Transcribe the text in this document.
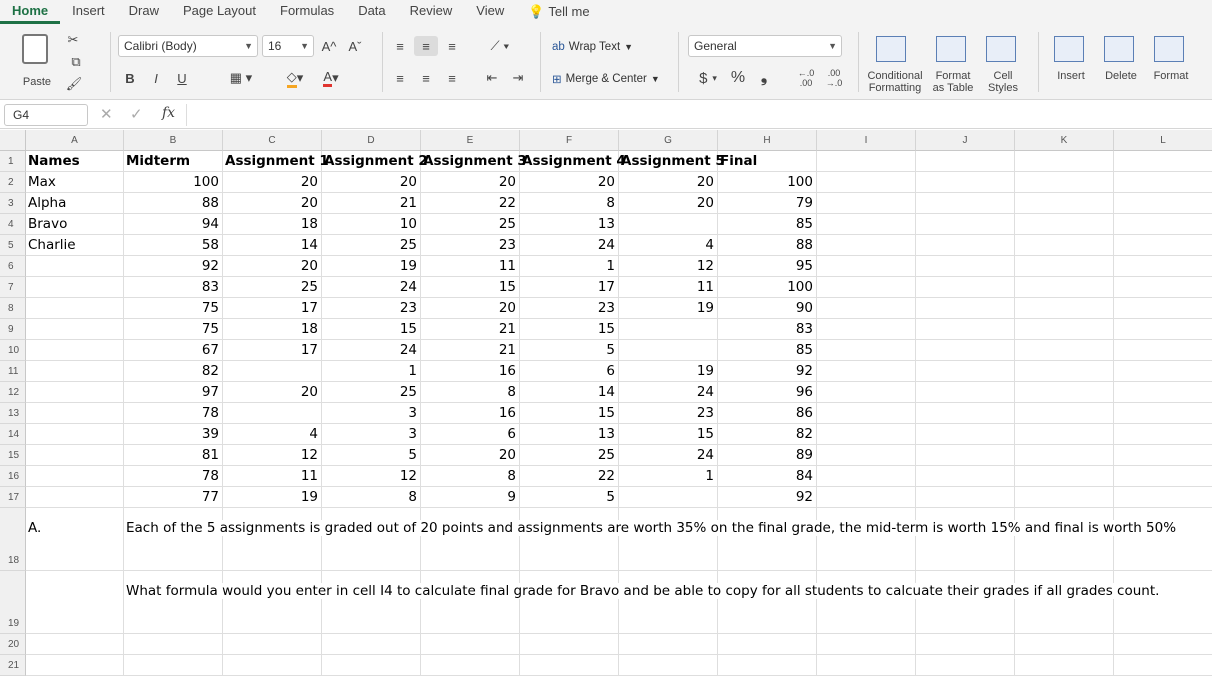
Home	Insert	Draw	Page Layout	Formulas	Data	Review	View	💡 Tell me
Paste
✂
⧉
🖌
Calibri (Body)	▼	16 ▼ A^ Aˇ
B	I	U	▦ ▾	◇ ▾	A ▾
≡	≡	≡	⟋ ▾
≡	≡	≡	⇤	⇥
ab Wrap Text ▼
⊞ Merge & Center ▼
General	▼
$ ▾ % ❟	←.0 .00
.00 →.0
Conditional
Formatting
Format
as Table
Cell
Styles
Insert	Delete	Format
G4	✕ ✓ fx
A	B	C	D	E	F	G	H	I	J	K	L
1
2
3
4
5
6
7
8
9
10
11
12
13
14
15
16
17
18
19
20
21
Names	Midterm	Assignment 1
Assignment 2
Assignment 3
Assignment 4
Assignment 5
Final
Max	100	20	20	20	20	20	100
Alpha	88	20	21	22	8	20	79
Bravo	94	18	10	25	13	85
Charlie	58	14	25	23	24	4	88
92	20	19	11	1	12	95
83	25	24	15	17	11	100
75	17	23	20	23	19	90
75	18	15	21	15	83
67	17	24	21	5	85
82	1	16	6	19	92
97	20	25	8	14	24	96
78	3	16	15	23	86
39	4	3	6	13	15	82
81	12	5	20	25	24	89
78	11	12	8	22	1	84
77	19	8	9	5	92
A.	Each of the 5 assignments is graded out of 20 points and assignments are worth 35% on the final grade, the mid-term is worth 15% and final is worth 50%
What formula would you enter in cell I4 to calculate final grade for Bravo and be able to copy for all students to calcuate their grades if all grades count.
